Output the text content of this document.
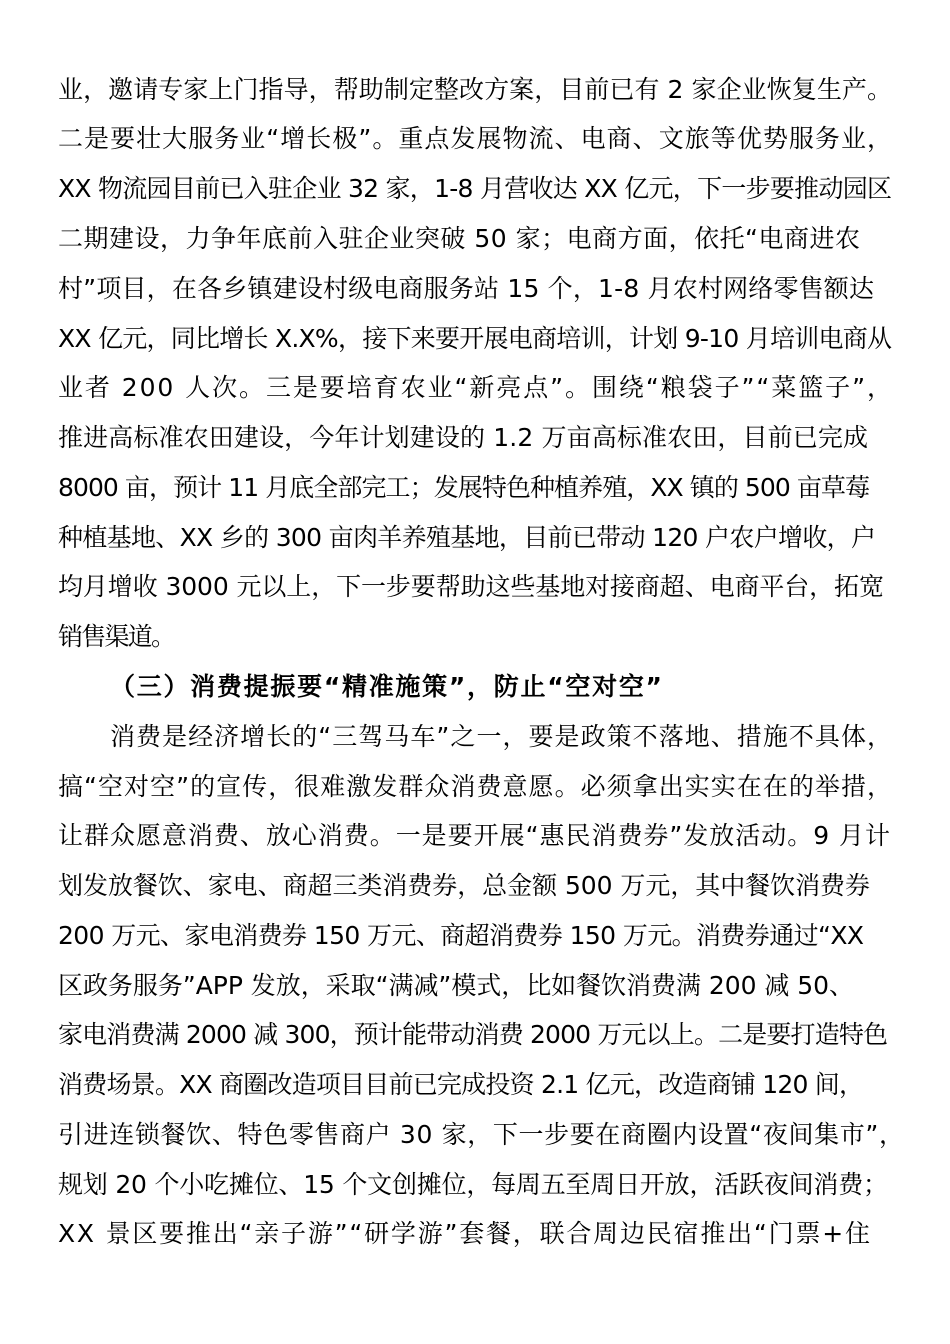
业，邀请专家上门指导，帮助制定整改方案，目前已有 2 家企业恢复生产。
二是要壮大服务业“增长极”。重点发展物流、电商、文旅等优势服务业，
XX 物流园目前已入驻企业 32 家，1-8 月营收达 XX 亿元，下一步要推动园区
二期建设，力争年底前入驻企业突破 50 家；电商方面，依托“电商进农
村”项目，在各乡镇建设村级电商服务站 15 个，1-8 月农村网络零售额达
XX 亿元，同比增长 X.X%，接下来要开展电商培训，计划 9-10 月培训电商从
业者 200 人次。三是要培育农业“新亮点”。围绕“粮袋子”“菜篮子”，
推进高标准农田建设，今年计划建设的 1.2 万亩高标准农田，目前已完成
8000 亩，预计 11 月底全部完工；发展特色种植养殖，XX 镇的 500 亩草莓
种植基地、XX 乡的 300 亩肉羊养殖基地，目前已带动 120 户农户增收，户
均月增收 3000 元以上，下一步要帮助这些基地对接商超、电商平台，拓宽
销售渠道。
（三）消费提振要“精准施策”，防止“空对空”
消费是经济增长的“三驾马车”之一，要是政策不落地、措施不具体，
搞“空对空”的宣传，很难激发群众消费意愿。必须拿出实实在在的举措，
让群众愿意消费、放心消费。一是要开展“惠民消费券”发放活动。9 月计
划发放餐饮、家电、商超三类消费券，总金额 500 万元，其中餐饮消费券
200 万元、家电消费券 150 万元、商超消费券 150 万元。消费券通过“XX
区政务服务”APP 发放，采取“满减”模式，比如餐饮消费满 200 减 50、
家电消费满 2000 减 300，预计能带动消费 2000 万元以上。二是要打造特色
消费场景。XX 商圈改造项目目前已完成投资 2.1 亿元，改造商铺 120 间，
引进连锁餐饮、特色零售商户 30 家，下一步要在商圈内设置“夜间集市”，
规划 20 个小吃摊位、15 个文创摊位，每周五至周日开放，活跃夜间消费；
XX 景区要推出“亲子游”“研学游”套餐，联合周边民宿推出“门票+住
